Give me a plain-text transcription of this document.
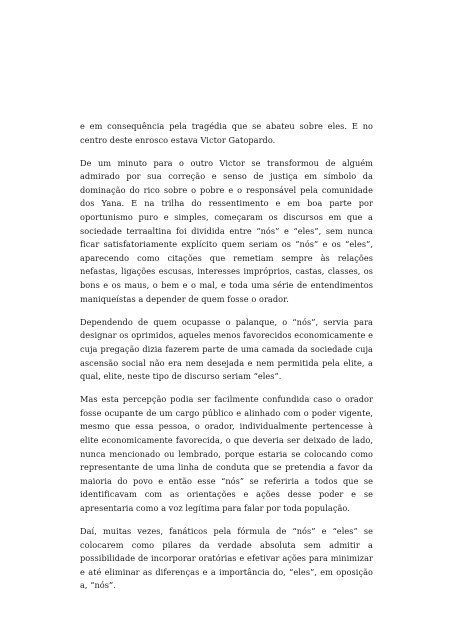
e em consequência pela tragédia que se abateu sobre eles. E no centro deste enrosco estava Victor Gatopardo.

De um minuto para o outro Victor se transformou de alguém admirado por sua correção e senso de justiça em símbolo da dominação do rico sobre o pobre e o responsável pela comunidade dos Yana. E na trilha do ressentimento e em boa parte por oportunismo puro e simples, começaram os discursos em que a sociedade terraaltina foi dividida entre “nós” e “eles”, sem nunca ficar satisfatoriamente explícito quem seriam os “nós” e os “eles”, aparecendo como citações que remetiam sempre às relações nefastas, ligações escusas, interesses impróprios, castas, classes, os bons e os maus, o bem e o mal, e toda uma série de entendimentos maniqueístas a depender de quem fosse o orador.

Dependendo de quem ocupasse o palanque, o “nós”, servia para designar os oprimidos, aqueles menos favorecidos economicamente e cuja pregação dizia fazerem parte de uma camada da sociedade cuja ascensão social não era nem desejada e nem permitida pela elite, a qual, elite, neste tipo de discurso seriam “eles”.

Mas esta percepção podia ser facilmente confundida caso o orador fosse ocupante de um cargo público e alinhado com o poder vigente, mesmo que essa pessoa, o orador, individualmente pertencesse à elite economicamente favorecida, o que deveria ser deixado de lado, nunca mencionado ou lembrado, porque estaria se colocando como representante de uma linha de conduta que se pretendia a favor da maioria do povo e então esse “nós” se referiria a todos que se identificavam com as orientações e ações desse poder e se apresentaria como a voz legítima para falar por toda população.

Daí, muitas vezes, fanáticos pela fórmula de “nós” e “eles” se colocarem como pilares da verdade absoluta sem admitir a possibilidade de incorporar oratórias e efetivar ações para minimizar e até eliminar as diferenças e a importância do, “eles”, em oposição a, “nós”.
